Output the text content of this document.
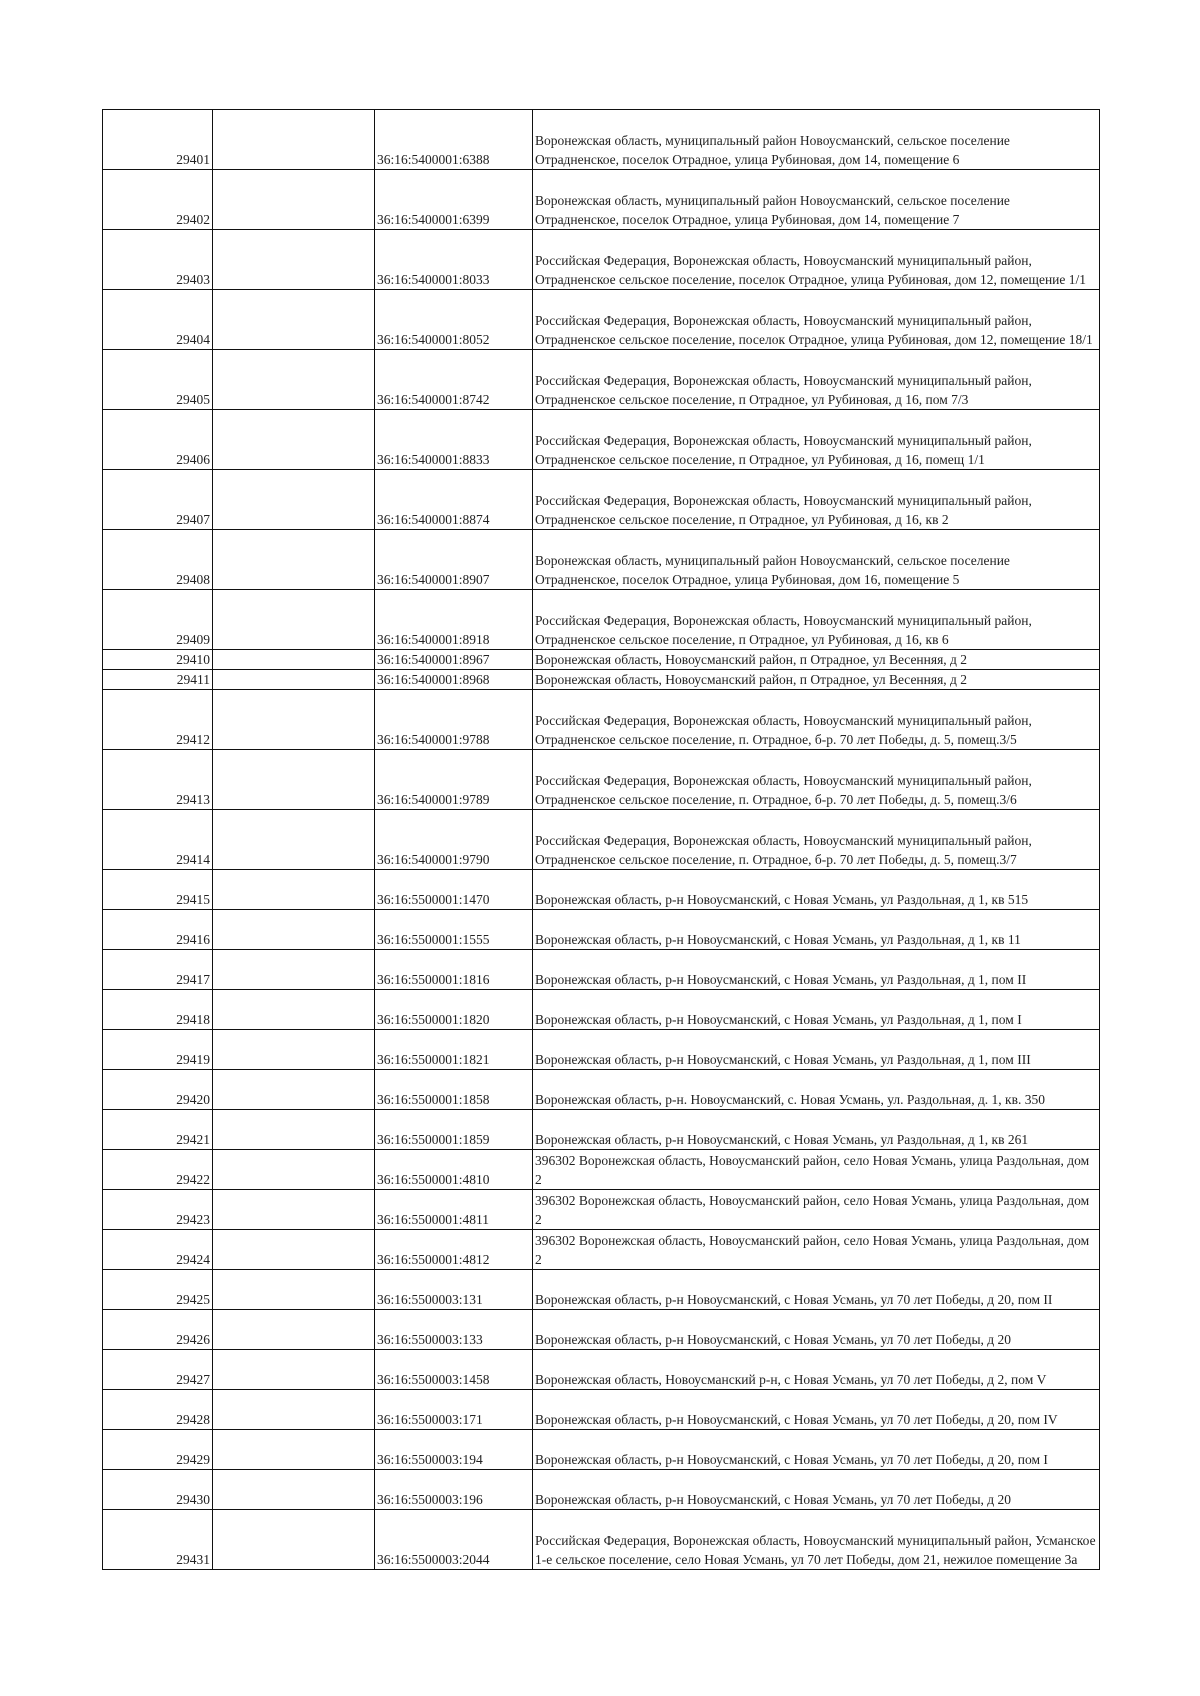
29401		36:16:5400001:6388	Воронежская область, муниципальный район Новоусманский, сельское поселение Отрадненское, поселок Отрадное, улица Рубиновая, дом 14, помещение 6
29402		36:16:5400001:6399	Воронежская область, муниципальный район Новоусманский, сельское поселение Отрадненское, поселок Отрадное, улица Рубиновая, дом 14, помещение 7
29403		36:16:5400001:8033	Российская Федерация, Воронежская область, Новоусманский муниципальный район, Отрадненское сельское поселение, поселок Отрадное, улица Рубиновая, дом 12, помещение 1/1
29404		36:16:5400001:8052	Российская Федерация, Воронежская область, Новоусманский муниципальный район, Отрадненское сельское поселение, поселок Отрадное, улица Рубиновая, дом 12, помещение 18/1
29405		36:16:5400001:8742	Российская Федерация, Воронежская область, Новоусманский муниципальный район, Отрадненское сельское поселение, п Отрадное, ул Рубиновая, д 16, пом 7/3
29406		36:16:5400001:8833	Российская Федерация, Воронежская область, Новоусманский муниципальный район, Отрадненское сельское поселение, п Отрадное, ул Рубиновая, д 16, помещ 1/1
29407		36:16:5400001:8874	Российская Федерация, Воронежская область, Новоусманский муниципальный район, Отрадненское сельское поселение, п Отрадное, ул Рубиновая, д 16, кв 2
29408		36:16:5400001:8907	Воронежская область, муниципальный район Новоусманский, сельское поселение Отрадненское, поселок Отрадное, улица Рубиновая, дом 16, помещение 5
29409		36:16:5400001:8918	Российская Федерация, Воронежская область, Новоусманский муниципальный район, Отрадненское сельское поселение, п Отрадное, ул Рубиновая, д 16, кв 6
29410		36:16:5400001:8967	Воронежская область, Новоусманский район, п Отрадное, ул Весенняя, д 2
29411		36:16:5400001:8968	Воронежская область, Новоусманский район, п Отрадное, ул Весенняя, д 2
29412		36:16:5400001:9788	Российская Федерация, Воронежская область, Новоусманский муниципальный район, Отрадненское сельское поселение, п. Отрадное, б-р. 70 лет Победы, д. 5, помещ.3/5
29413		36:16:5400001:9789	Российская Федерация, Воронежская область, Новоусманский муниципальный район, Отрадненское сельское поселение, п. Отрадное, б-р. 70 лет Победы, д. 5, помещ.3/6
29414		36:16:5400001:9790	Российская Федерация, Воронежская область, Новоусманский муниципальный район, Отрадненское сельское поселение, п. Отрадное, б-р. 70 лет Победы, д. 5, помещ.3/7
29415		36:16:5500001:1470	Воронежская область, р-н Новоусманский, с Новая Усмань, ул Раздольная, д 1, кв 515
29416		36:16:5500001:1555	Воронежская область, р-н Новоусманский, с Новая Усмань, ул Раздольная, д 1, кв 11
29417		36:16:5500001:1816	Воронежская область, р-н Новоусманский, с Новая Усмань, ул Раздольная, д 1, пом II
29418		36:16:5500001:1820	Воронежская область, р-н Новоусманский, с Новая Усмань, ул Раздольная, д 1, пом I
29419		36:16:5500001:1821	Воронежская область, р-н Новоусманский, с Новая Усмань, ул Раздольная, д 1, пом III
29420		36:16:5500001:1858	Воронежская область, р-н. Новоусманский, с. Новая Усмань, ул. Раздольная, д. 1, кв. 350
29421		36:16:5500001:1859	Воронежская область, р-н Новоусманский, с Новая Усмань, ул Раздольная, д 1, кв 261
29422		36:16:5500001:4810	396302 Воронежская область, Новоусманский район, село Новая Усмань, улица Раздольная, дом 2
29423		36:16:5500001:4811	396302 Воронежская область, Новоусманский район, село Новая Усмань, улица Раздольная, дом 2
29424		36:16:5500001:4812	396302 Воронежская область, Новоусманский район, село Новая Усмань, улица Раздольная, дом 2
29425		36:16:5500003:131	Воронежская область, р-н Новоусманский, с Новая Усмань, ул 70 лет Победы, д 20, пом II
29426		36:16:5500003:133	Воронежская область, р-н Новоусманский, с Новая Усмань, ул 70 лет Победы, д 20
29427		36:16:5500003:1458	Воронежская область, Новоусманский р-н, с Новая Усмань, ул 70 лет Победы, д 2, пом V
29428		36:16:5500003:171	Воронежская область, р-н Новоусманский, с Новая Усмань, ул 70 лет Победы, д 20, пом IV
29429		36:16:5500003:194	Воронежская область, р-н Новоусманский, с Новая Усмань, ул 70 лет Победы, д 20, пом I
29430		36:16:5500003:196	Воронежская область, р-н Новоусманский, с Новая Усмань, ул 70 лет Победы, д 20
29431		36:16:5500003:2044	Российская Федерация, Воронежская область, Новоусманский муниципальный район, Усманское 1-е сельское поселение, село Новая Усмань, ул 70 лет Победы, дом 21, нежилое помещение 3а
